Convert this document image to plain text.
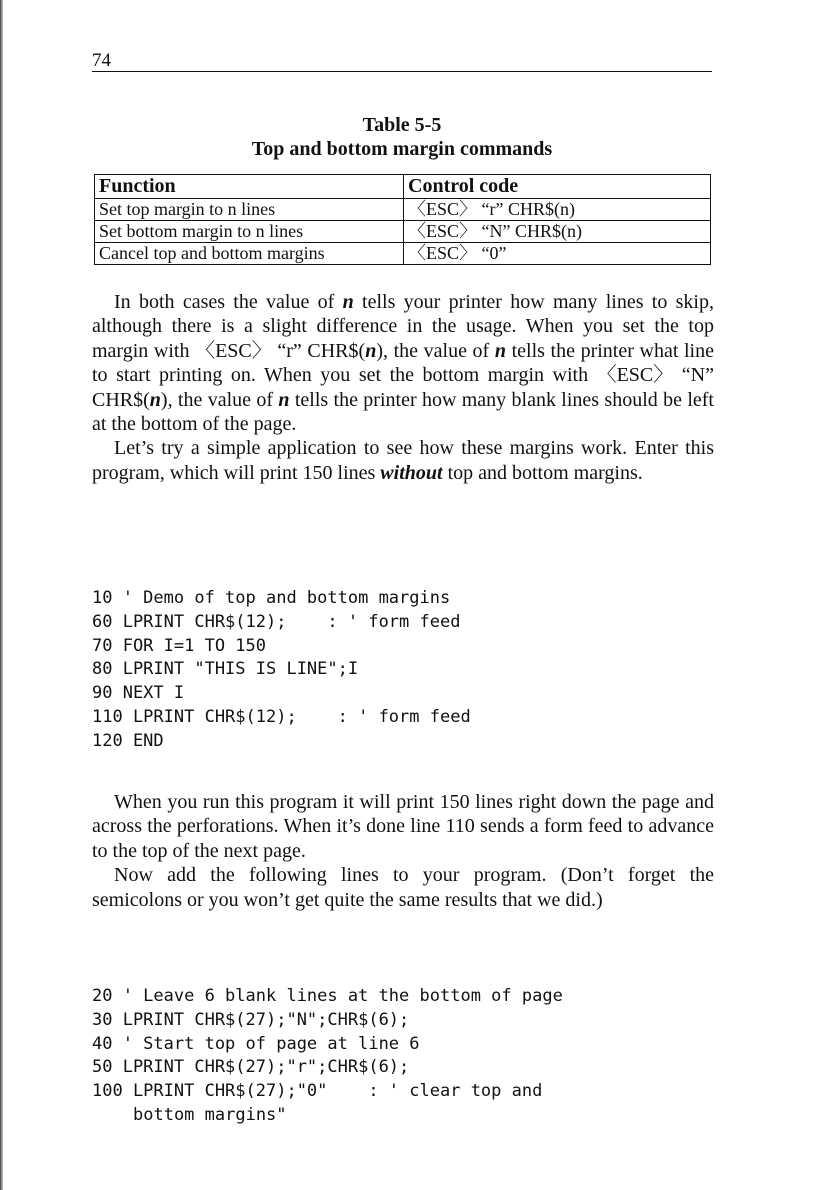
74
Table 5-5
Top and bottom margin commands
Function	Control code
Set top margin to n lines	〈ESC〉 “r” CHR$(n)
Set bottom margin to n lines	〈ESC〉 “N” CHR$(n)
Cancel top and bottom margins	〈ESC〉 “0”

In both cases the value of n tells your printer how many lines to skip, although there is a slight difference in the usage. When you set the top margin with 〈ESC〉 “r” CHR$(n), the value of n tells the printer what line to start printing on. When you set the bottom margin with 〈ESC〉 “N” CHR$(n), the value of n tells the printer how many blank lines should be left at the bottom of the page.

Let’s try a simple application to see how these margins work. Enter this program, which will print 150 lines without top and bottom margins.

10 ' Demo of top and bottom margins
60 LPRINT CHR$(12);    : ' form feed
70 FOR I=1 TO 150
80 LPRINT "THIS IS LINE";I
90 NEXT I
110 LPRINT CHR$(12);    : ' form feed
120 END

When you run this program it will print 150 lines right down the page and across the perforations. When it’s done line 110 sends a form feed to advance to the top of the next page.

Now add the following lines to your program. (Don’t forget the semicolons or you won’t get quite the same results that we did.)

20 ' Leave 6 blank lines at the bottom of page
30 LPRINT CHR$(27);"N";CHR$(6);
40 ' Start top of page at line 6
50 LPRINT CHR$(27);"r";CHR$(6);
100 LPRINT CHR$(27);"0"    : ' clear top and
bottom margins"
